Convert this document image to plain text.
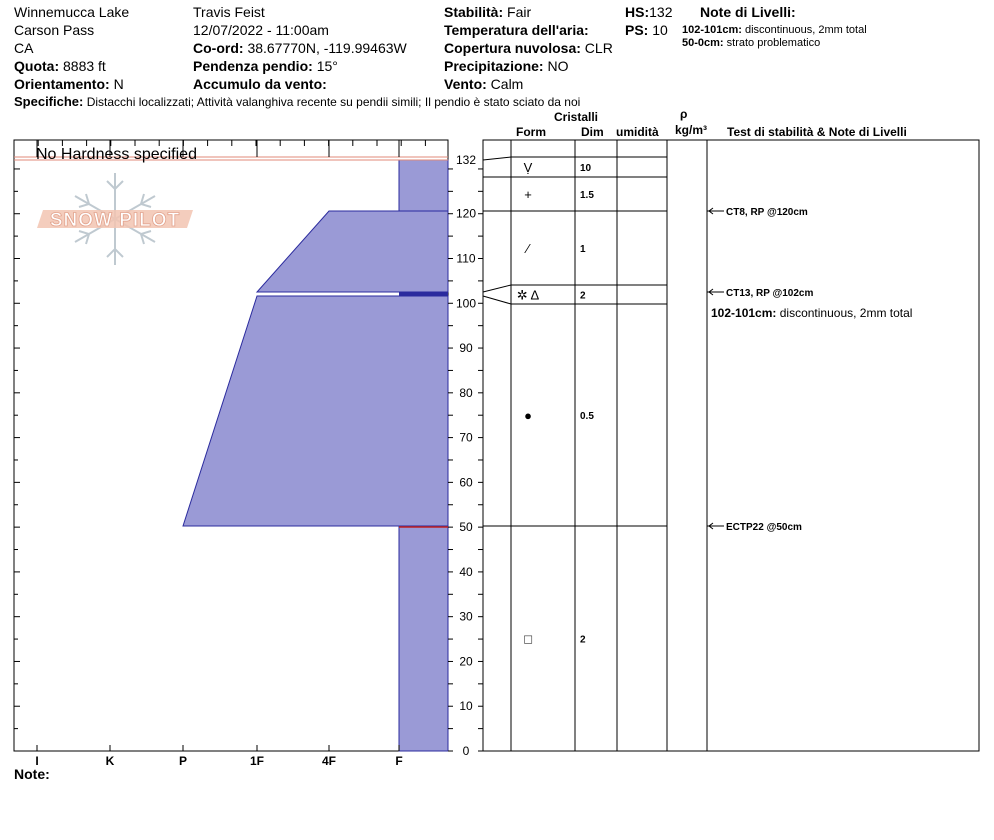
Winnemucca Lake
Carson Pass
CA
Quota: 8883 ft
Orientamento: N
Travis Feist
12/07/2022 - 11:00am
Co-ord: 38.67770N, -119.99463W
Pendenza pendio: 15°
Accumulo da vento:
Stabilità: Fair
Temperatura dell'aria:
Copertura nuvolosa: CLR
Precipitazione: NO
Vento: Calm
HS:132
PS: 10
Note di Livelli:
102-101cm: discontinuous, 2mm total
50-0cm: strato problematico
Specifiche: Distacchi localizzati; Attività valanghiva recente su pendii simili; Il pendio è stato sciato da noi
Cristalli
Form	Dim umidità
ρ
kg/m³ Test di stabilità & Note di Livelli
SNOW PILOT
No Hardness specified
I	K	P	1F	4F	F
0
10
20
30
40
50
60
70
80
90
100
110
120
132	Ṿ	10
+	1.5
⁄	1
✲ Δ	2
●	0.5
□	2
CT8, RP @120cm
CT13, RP @102cm
ECTP22 @50cm
102-101cm: discontinuous, 2mm total
Note:
